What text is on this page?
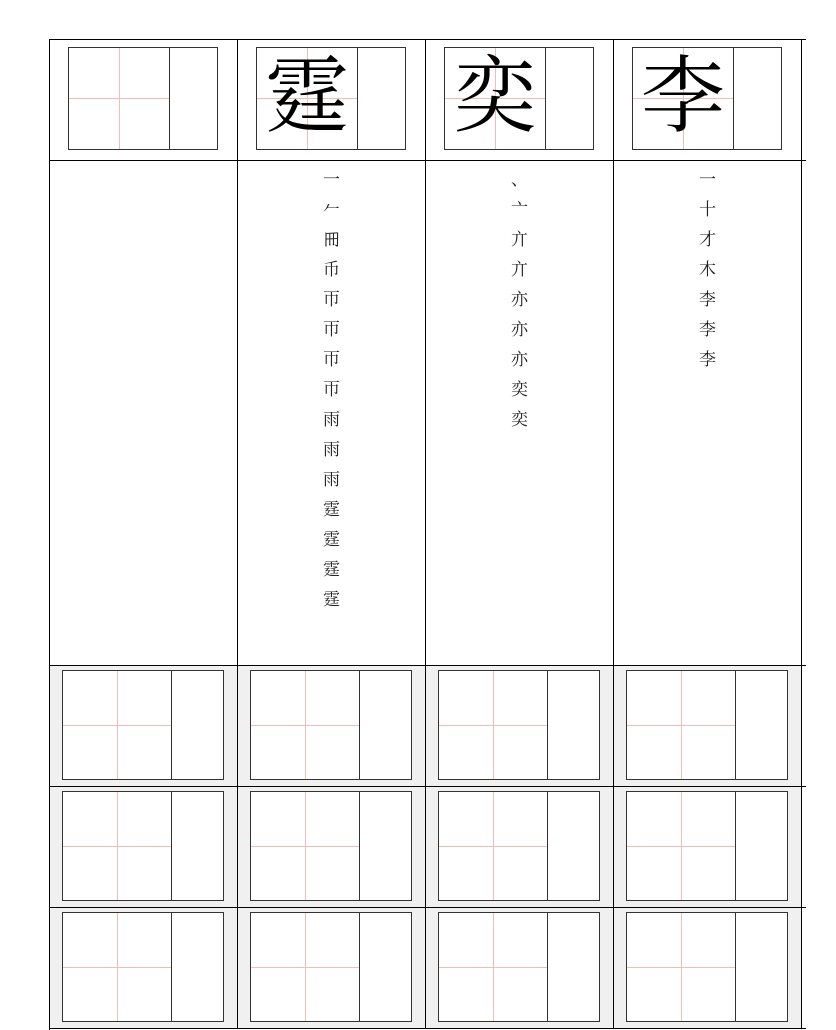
霆 奕 李
一
𠂉
𠕁
币
帀
帀
帀
帀
雨
雨
雨
霆
霆
霆
霆
、
亠
亣
亣
亦
亦
亦
奕
奕
一
十
才
木
李
李
李
